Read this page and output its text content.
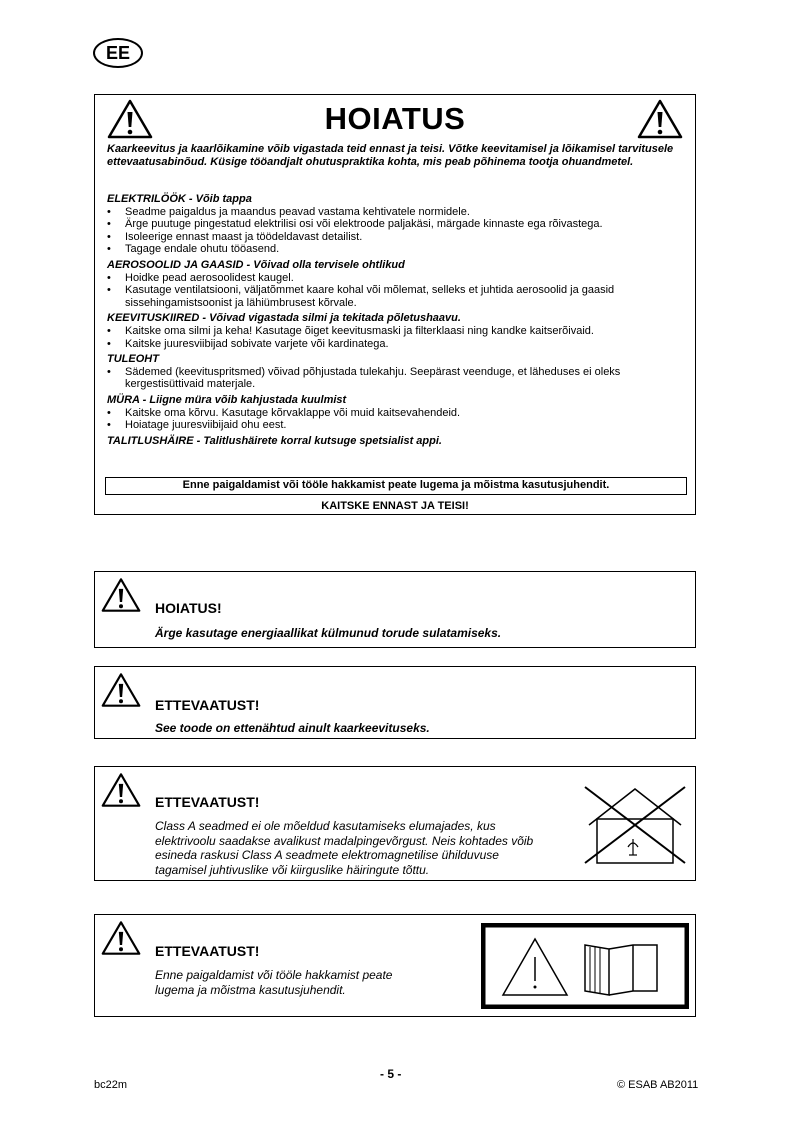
EE
HOIATUS
Kaarkeevitus ja kaarlõikamine võib vigastada teid ennast ja teisi. Võtke keevitamisel ja lõikamisel tarvitusele ettevaatusabinõud. Küsige tööandjalt ohutuspraktika kohta, mis peab põhinema tootja ohuandmetel.
ELEKTRILÖÖK - Võib tappa
• Seadme paigaldus ja maandus peavad vastama kehtivatele normidele.
• Ärge puutuge pingestatud elektrilisi osi või elektroode paljakäsi, märgade kinnaste ega rõivastega.
• Isoleerige ennast maast ja töödeldavast detailist.
• Tagage endale ohutu tööasend.
AEROSOOLID JA GAASID - Võivad olla tervisele ohtlikud
• Hoidke pead aerosoolidest kaugel.
• Kasutage ventilatsiooni, väljatõmmet kaare kohal või mõlemat, selleks et juhtida aerosoolid ja gaasid sissehingamistsoonist ja lähiümbrusest kõrvale.
KEEVITUSKIIRED - Võivad vigastada silmi ja tekitada põletushaavu.
• Kaitske oma silmi ja keha! Kasutage õiget keevitusmaski ja filterklaasi ning kandke kaitserõivaid.
• Kaitske juuresviibijad sobivate varjete või kardinatega.
TULEOHT
• Sädemed (keevituspritsmed) võivad põhjustada tulekahju. Seepärast veenduge, et läheduses ei oleks kergestisüttivaid materjale.
MÜRA - Liigne müra võib kahjustada kuulmist
• Kaitske oma kõrvu. Kasutage kõrvaklappe või muid kaitsevahendeid.
• Hoiatage juuresviibijaid ohu eest.
TALITLUSHÄIRE - Talitlushäirete korral kutsuge spetsialist appi.
Enne paigaldamist või tööle hakkamist peate lugema ja mõistma kasutusjuhendit.
KAITSKE ENNAST JA TEISI!
HOIATUS!
Ärge kasutage energiaallikat külmunud torude sulatamiseks.
ETTEVAATUST!
See toode on ettenähtud ainult kaarkeevituseks.
ETTEVAATUST!
Class A seadmed ei ole mõeldud kasutamiseks elumajades, kus
elektrivoolu saadakse avalikust madalpingevõrgust. Neis kohtades võib
esineda raskusi Class A seadmete elektromagnetilise ühilduvuse
tagamisel juhtivuslike või kiirguslike häiringute tõttu.
ETTEVAATUST!
Enne paigaldamist või tööle hakkamist peate
lugema ja mõistma kasutusjuhendit.
bc22m
- 5 -
© ESAB AB2011
